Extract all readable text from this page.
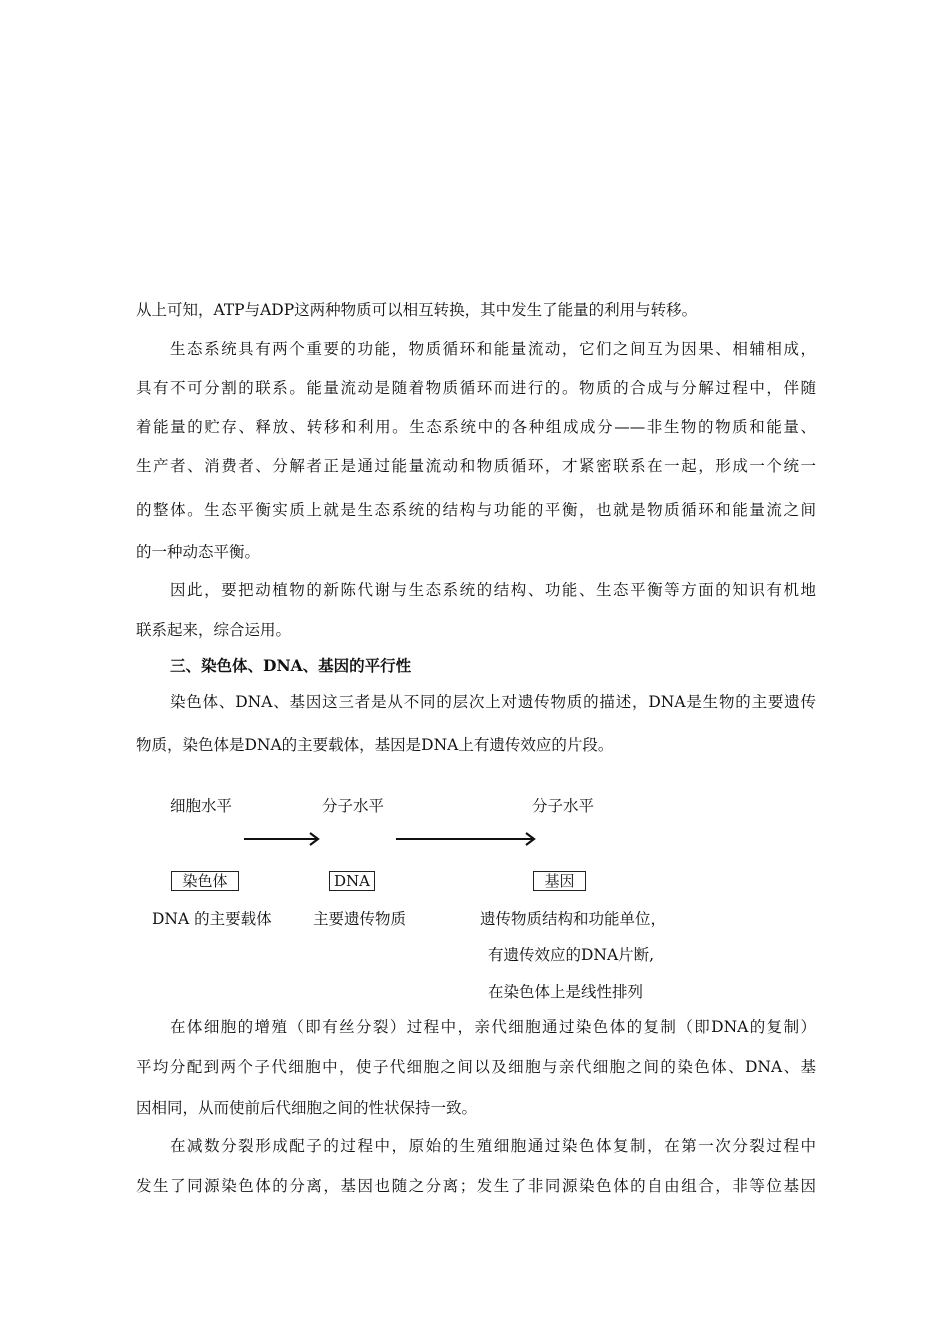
从上可知，ATP与ADP这两种物质可以相互转换，其中发生了能量的利用与转移。
生态系统具有两个重要的功能，物质循环和能量流动，它们之间互为因果、相辅相成，
具有不可分割的联系。能量流动是随着物质循环而进行的。物质的合成与分解过程中，伴随
着能量的贮存、释放、转移和利用。生态系统中的各种组成成分——非生物的物质和能量、
生产者、消费者、分解者正是通过能量流动和物质循环，才紧密联系在一起，形成一个统一
的整体。生态平衡实质上就是生态系统的结构与功能的平衡，也就是物质循环和能量流之间
的一种动态平衡。
因此，要把动植物的新陈代谢与生态系统的结构、功能、生态平衡等方面的知识有机地
联系起来，综合运用。
三、染色体、DNA、基因的平行性
染色体、DNA、基因这三者是从不同的层次上对遗传物质的描述，DNA是生物的主要遗传
物质，染色体是DNA的主要载体，基因是DNA上有遗传效应的片段。
细胞水平	分子水平	分子水平
染色体	DNA	基因
DNA 的主要载体	主要遗传物质	遗传物质结构和功能单位，
有遗传效应的DNA片断,
在染色体上是线性排列
在体细胞的增殖（即有丝分裂）过程中，亲代细胞通过染色体的复制（即DNA的复制）
平均分配到两个子代细胞中，使子代细胞之间以及细胞与亲代细胞之间的染色体、DNA、基
因相同，从而使前后代细胞之间的性状保持一致。
在减数分裂形成配子的过程中，原始的生殖细胞通过染色体复制，在第一次分裂过程中
发生了同源染色体的分离，基因也随之分离；发生了非同源染色体的自由组合，非等位基因
